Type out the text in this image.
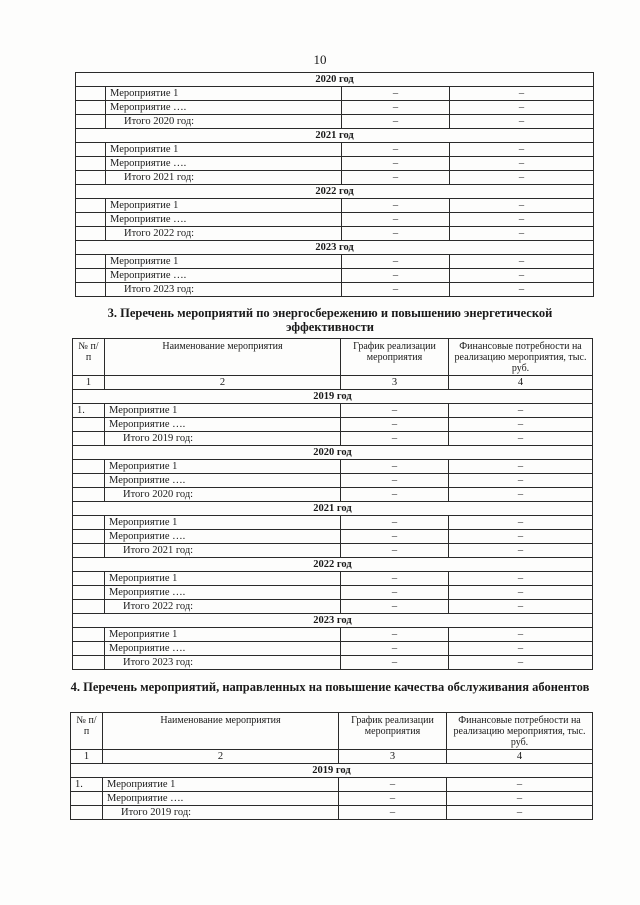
10
2020 год			
	Мероприятие 1	–	–
	Мероприятие ….	–	–
	Итого 2020 год:	–	–
2021 год			
	Мероприятие 1	–	–
	Мероприятие ….	–	–
	Итого 2021 год:	–	–
2022 год			
	Мероприятие 1	–	–
	Мероприятие ….	–	–
	Итого 2022 год:	–	–
2023 год			
	Мероприятие 1	–	–
	Мероприятие ….	–	–
	Итого 2023 год:	–	–
3. Перечень мероприятий по энергосбережению и повышению энергетической эффективности
№ п/п	Наименование мероприятия	График реализации мероприятия	Финансовые потребности на реализацию мероприятия, тыс. руб.
1	2	3	4
2019 год			
1.	Мероприятие 1	–	–
	Мероприятие ….	–	–
	Итого 2019 год:	–	–
2020 год			
	Мероприятие 1	–	–
	Мероприятие ….	–	–
	Итого 2020 год:	–	–
2021 год			
	Мероприятие 1	–	–
	Мероприятие ….	–	–
	Итого 2021 год:	–	–
2022 год			
	Мероприятие 1	–	–
	Мероприятие ….	–	–
	Итого 2022 год:	–	–
2023 год			
	Мероприятие 1	–	–
	Мероприятие ….	–	–
	Итого 2023 год:	–	–
4. Перечень мероприятий, направленных на повышение качества обслуживания абонентов
№ п/п	Наименование мероприятия	График реализации мероприятия	Финансовые потребности на реализацию мероприятия, тыс. руб.
1	2	3	4
2019 год			
1.	Мероприятие 1	–	–
	Мероприятие ….	–	–
	Итого 2019 год:	–	–
